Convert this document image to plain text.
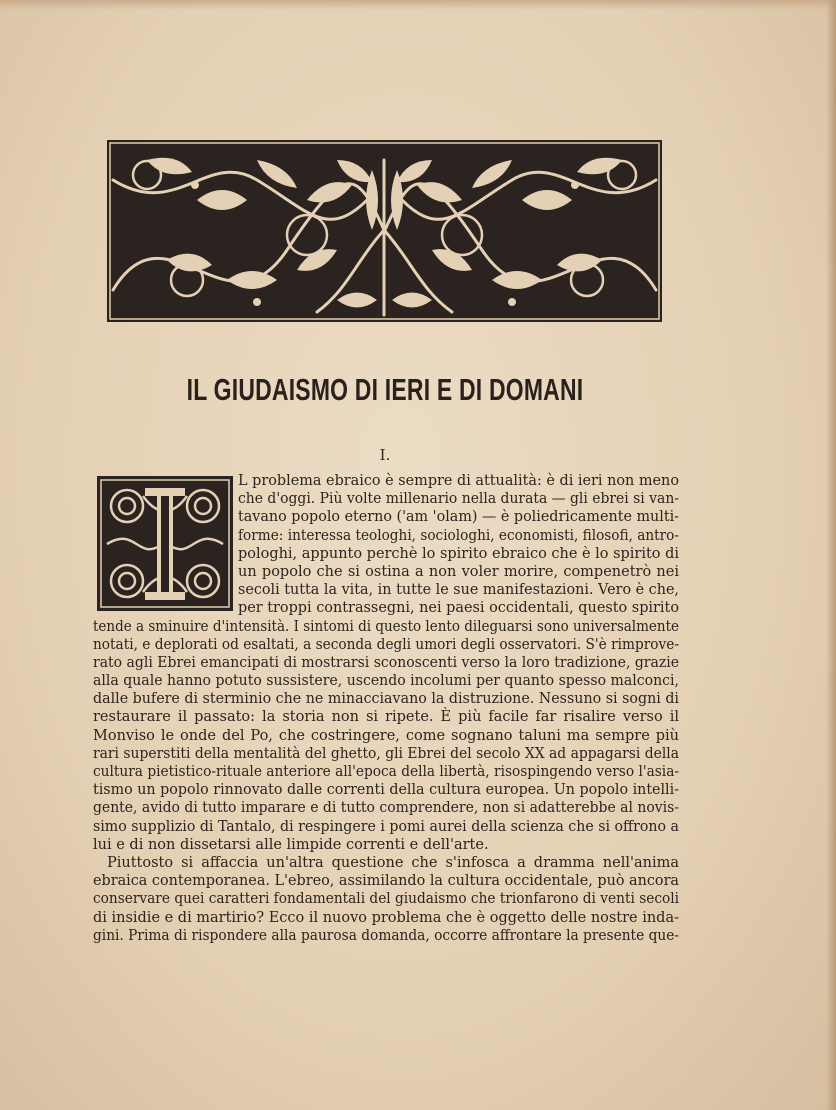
IL GIUDAISMO DI IERI E DI DOMANI
I.
L problema ebraico è sempre di attualità: è di ieri non meno
che d'oggi. Più volte millenario nella durata — gli ebrei si van-
tavano popolo eterno ('am 'olam) — è poliedricamente multi-
forme: interessa teologhi, sociologhi, economisti, filosofi, antro-
pologhi, appunto perchè lo spirito ebraico che è lo spirito di
un popolo che si ostina a non voler morire, compenetrò nei
secoli tutta la vita, in tutte le sue manifestazioni. Vero è che,
per troppi contrassegni, nei paesi occidentali, questo spirito
tende a sminuire d'intensità. I sintomi di questo lento dileguarsi sono universalmente
notati, e deplorati od esaltati, a seconda degli umori degli osservatori. S'è rimprove-
rato agli Ebrei emancipati di mostrarsi sconoscenti verso la loro tradizione, grazie
alla quale hanno potuto sussistere, uscendo incolumi per quanto spesso malconci,
dalle bufere di sterminio che ne minacciavano la distruzione. Nessuno si sogni di
restaurare il passato: la storia non si ripete. È più facile far risalire verso il
Monviso le onde del Po, che costringere, come sognano taluni ma sempre più
rari superstiti della mentalità del ghetto, gli Ebrei del secolo XX ad appagarsi della
cultura pietistico-rituale anteriore all'epoca della libertà, risospingendo verso l'asia-
tismo un popolo rinnovato dalle correnti della cultura europea. Un popolo intelli-
gente, avido di tutto imparare e di tutto comprendere, non si adatterebbe al novis-
simo supplizio di Tantalo, di respingere i pomi aurei della scienza che si offrono a
lui e di non dissetarsi alle limpide correnti e dell'arte.
Piuttosto si affaccia un'altra questione che s'infosca a dramma nell'anima
ebraica contemporanea. L'ebreo, assimilando la cultura occidentale, può ancora
conservare quei caratteri fondamentali del giudaismo che trionfarono di venti secoli
di insidie e di martirio? Ecco il nuovo problema che è oggetto delle nostre inda-
gini. Prima di rispondere alla paurosa domanda, occorre affrontare la presente que-
